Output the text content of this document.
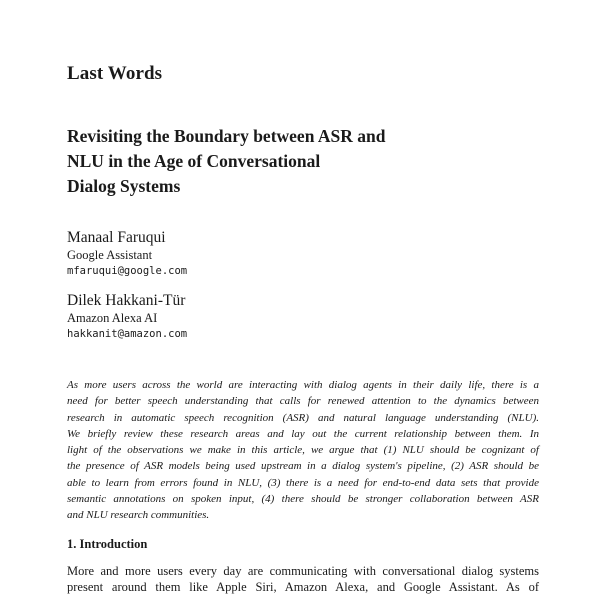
Last Words
Revisiting the Boundary between ASR and
NLU in the Age of Conversational
Dialog Systems
Manaal Faruqui
Google Assistant
mfaruqui@google.com
Dilek Hakkani-Tür
Amazon Alexa AI
hakkanit@amazon.com
As more users across the world are interacting with dialog agents in their daily life, there is a
need for better speech understanding that calls for renewed attention to the dynamics between
research in automatic speech recognition (ASR) and natural language understanding (NLU).
We briefly review these research areas and lay out the current relationship between them. In
light of the observations we make in this article, we argue that (1) NLU should be cognizant of
the presence of ASR models being used upstream in a dialog system's pipeline, (2) ASR should be
able to learn from errors found in NLU, (3) there is a need for end-to-end data sets that provide
semantic annotations on spoken input, (4) there should be stronger collaboration between ASR
and NLU research communities.
1. Introduction
More and more users every day are communicating with conversational dialog systems
present around them like Apple Siri, Amazon Alexa, and Google Assistant. As of
